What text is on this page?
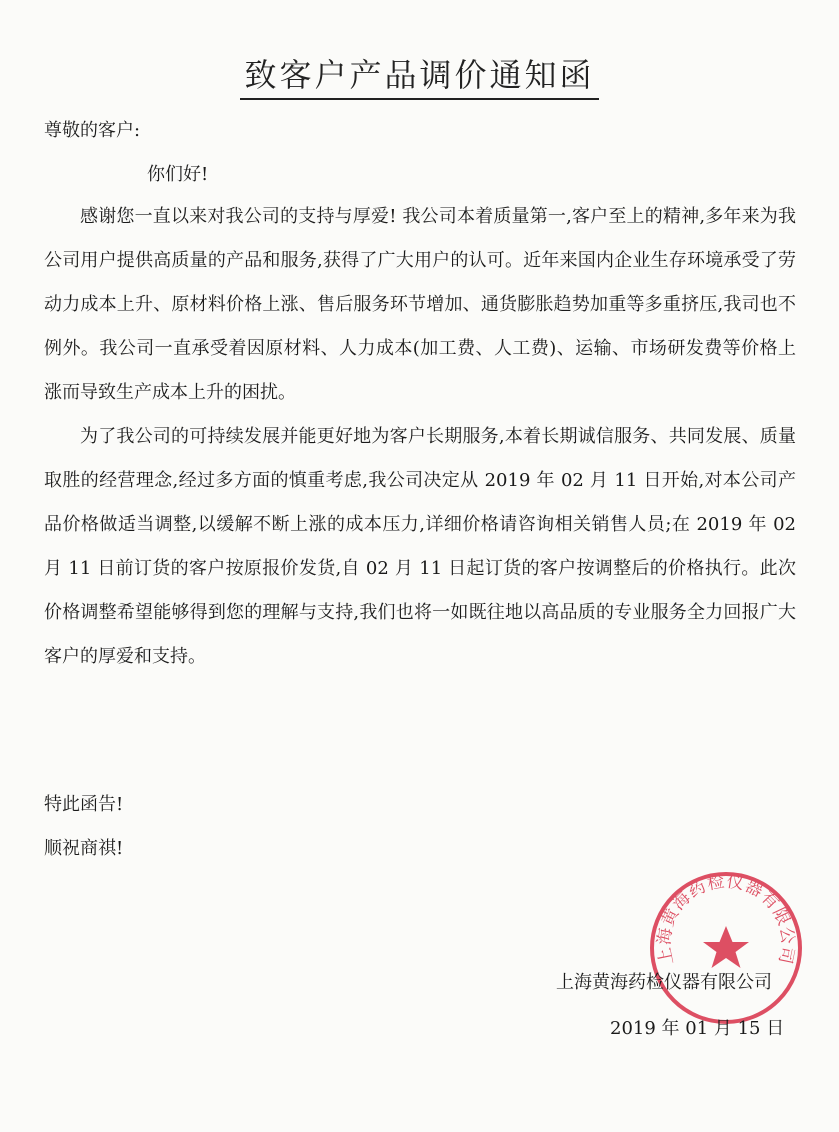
致客户产品调价通知函
尊敬的客户:
你们好!

感谢您一直以来对我公司的支持与厚爱! 我公司本着质量第一,客户至上的精神,多年来为我公司用户提供高质量的产品和服务,获得了广大用户的认可。近年来国内企业生存环境承受了劳动力成本上升、原材料价格上涨、售后服务环节增加、通货膨胀趋势加重等多重挤压,我司也不例外。我公司一直承受着因原材料、人力成本(加工费、人工费)、运输、市场研发费等价格上涨而导致生产成本上升的困扰。

为了我公司的可持续发展并能更好地为客户长期服务,本着长期诚信服务、共同发展、质量取胜的经营理念,经过多方面的慎重考虑,我公司决定从 2019 年 02 月 11 日开始,对本公司产品价格做适当调整,以缓解不断上涨的成本压力,详细价格请咨询相关销售人员;在 2019 年 02 月 11 日前订货的客户按原报价发货,自 02 月 11 日起订货的客户按调整后的价格执行。此次价格调整希望能够得到您的理解与支持,我们也将一如既往地以高品质的专业服务全力回报广大客户的厚爱和支持。

特此函告!
顺祝商祺!
上海黄海药检仪器有限公司
上海黄海药检仪器有限公司
2019 年 01 月 15 日
